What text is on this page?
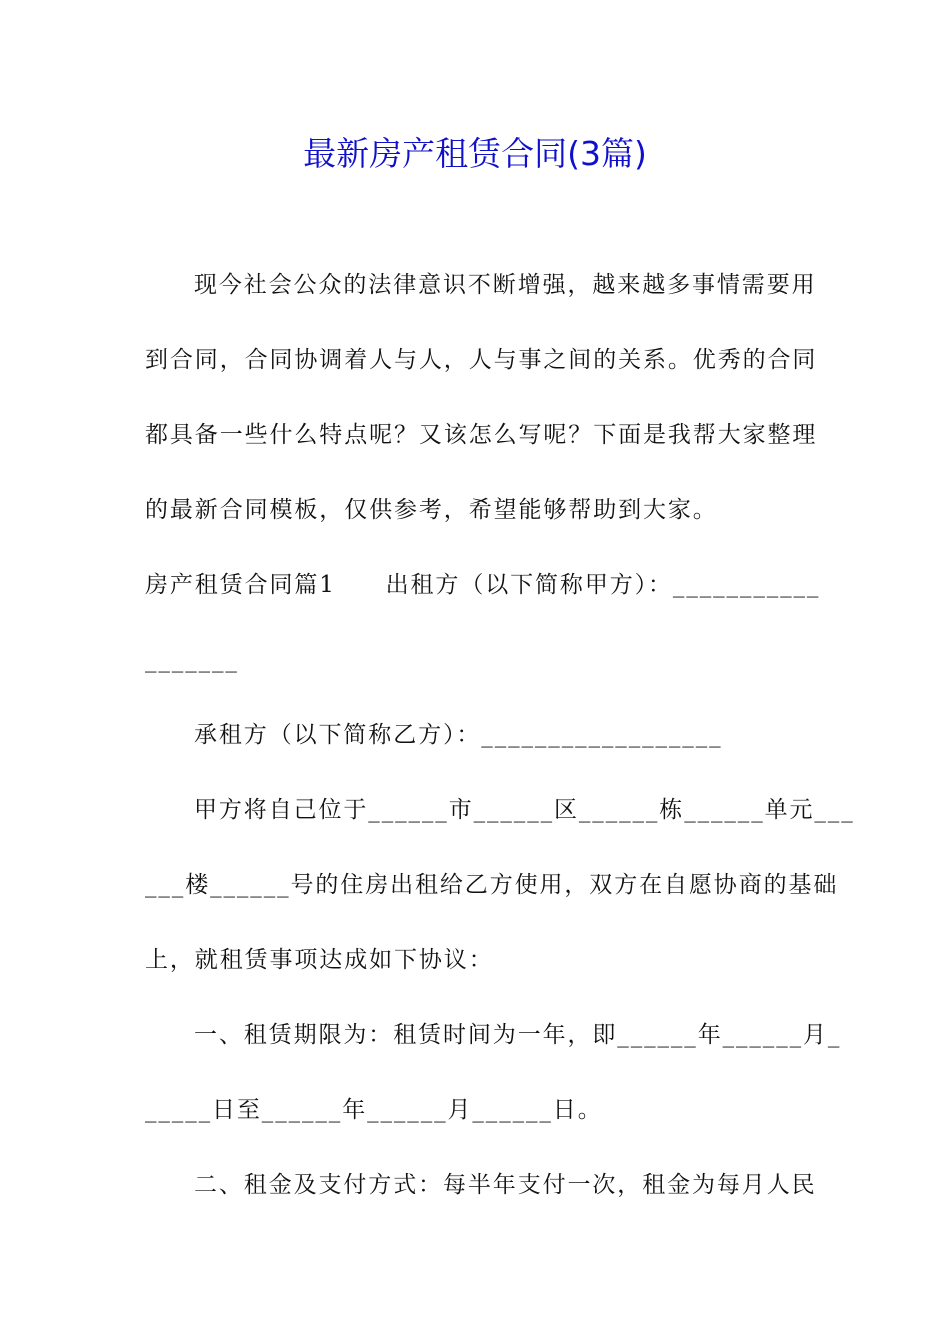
最新房产租赁合同(3篇)

现今社会公众的法律意识不断增强，越来越多事情需要用

到合同，合同协调着人与人，人与事之间的关系。优秀的合同

都具备一些什么特点呢？又该怎么写呢？下面是我帮大家整理

的最新合同模板，仅供参考，希望能够帮助到大家。

房产租赁合同篇1　　出租方（以下简称甲方）：___________

_______

承租方（以下简称乙方）：__________________

甲方将自己位于______市______区______栋______单元___

___楼______号的住房出租给乙方使用，双方在自愿协商的基础

上，就租赁事项达成如下协议：

一、租赁期限为：租赁时间为一年，即______年______月_

_____日至______年______月______日。

二、租金及支付方式：每半年支付一次，租金为每月人民
